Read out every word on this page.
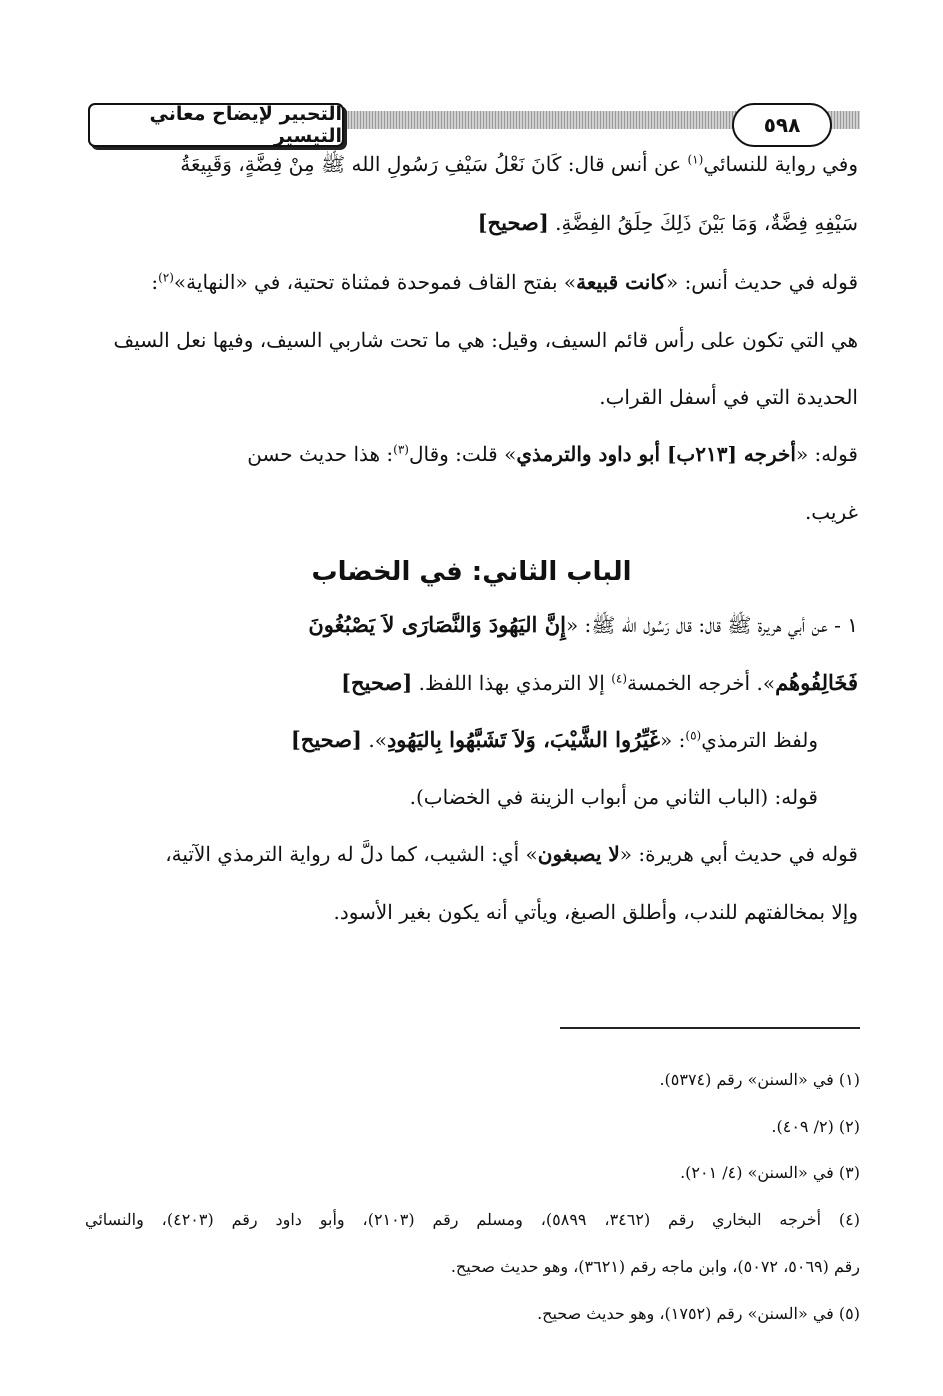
التحبير لإيضاح معاني التيسير	٥٩٨
وفي رواية للنسائي$^{(١)}$ عن أنس قال: كَانَ نَعْلُ سَيْفِ رَسُولِ الله ﷺ مِنْ فِضَّةٍ، وَقَبِيعَةُ
سَيْفِهِ فِضَّةٌ، وَمَا بَيْنَ ذَلِكَ حِلَقُ الفِضَّةِ. [صحيح]
قوله في حديث أنس: «كانت قبيعة» بفتح القاف فموحدة فمثناة تحتية، في «النهاية»$^{(٢)}$:
هي التي تكون على رأس قائم السيف، وقيل: هي ما تحت شاربي السيف، وفيها نعل السيف
الحديدة التي في أسفل القراب.
قوله: «أخرجه [٢١٣ب] أبو داود والترمذي» قلت: وقال$^{(٣)}$: هذا حديث حسن
غريب.
الباب الثاني: في الخضاب
١ - عن أبي هريرة ﷺ قال: قال رَسُول الله ﷺ: «إِنَّ اليَهُودَ وَالنَّصَارَى لاَ يَصْبُغُونَ
فَخَالِفُوهُم». أخرجه الخمسة$^{(٤)}$ إلا الترمذي بهذا اللفظ. [صحيح]
ولفظ الترمذي$^{(٥)}$: «غَيِّرُوا الشَّيْبَ، وَلاَ تَشَبَّهُوا بِاليَهُودِ». [صحيح]
قوله: (الباب الثاني من أبواب الزينة في الخضاب).
قوله في حديث أبي هريرة: «لا يصبغون» أي: الشيب، كما دلَّ له رواية الترمذي الآتية،
وإلا بمخالفتهم للندب، وأطلق الصبغ، ويأتي أنه يكون بغير الأسود.
(١) في «السنن» رقم (٥٣٧٤).
(٢) (٢/ ٤٠٩).
(٣) في «السنن» (٤/ ٢٠١).
(٤) أخرجه البخاري رقم (٣٤٦٢، ٥٨٩٩)، ومسلم رقم (٢١٠٣)، وأبو داود رقم (٤٢٠٣)، والنسائي
رقم (٥٠٦٩، ٥٠٧٢)، وابن ماجه رقم (٣٦٢١)، وهو حديث صحيح.
(٥) في «السنن» رقم (١٧٥٢)، وهو حديث صحيح.
